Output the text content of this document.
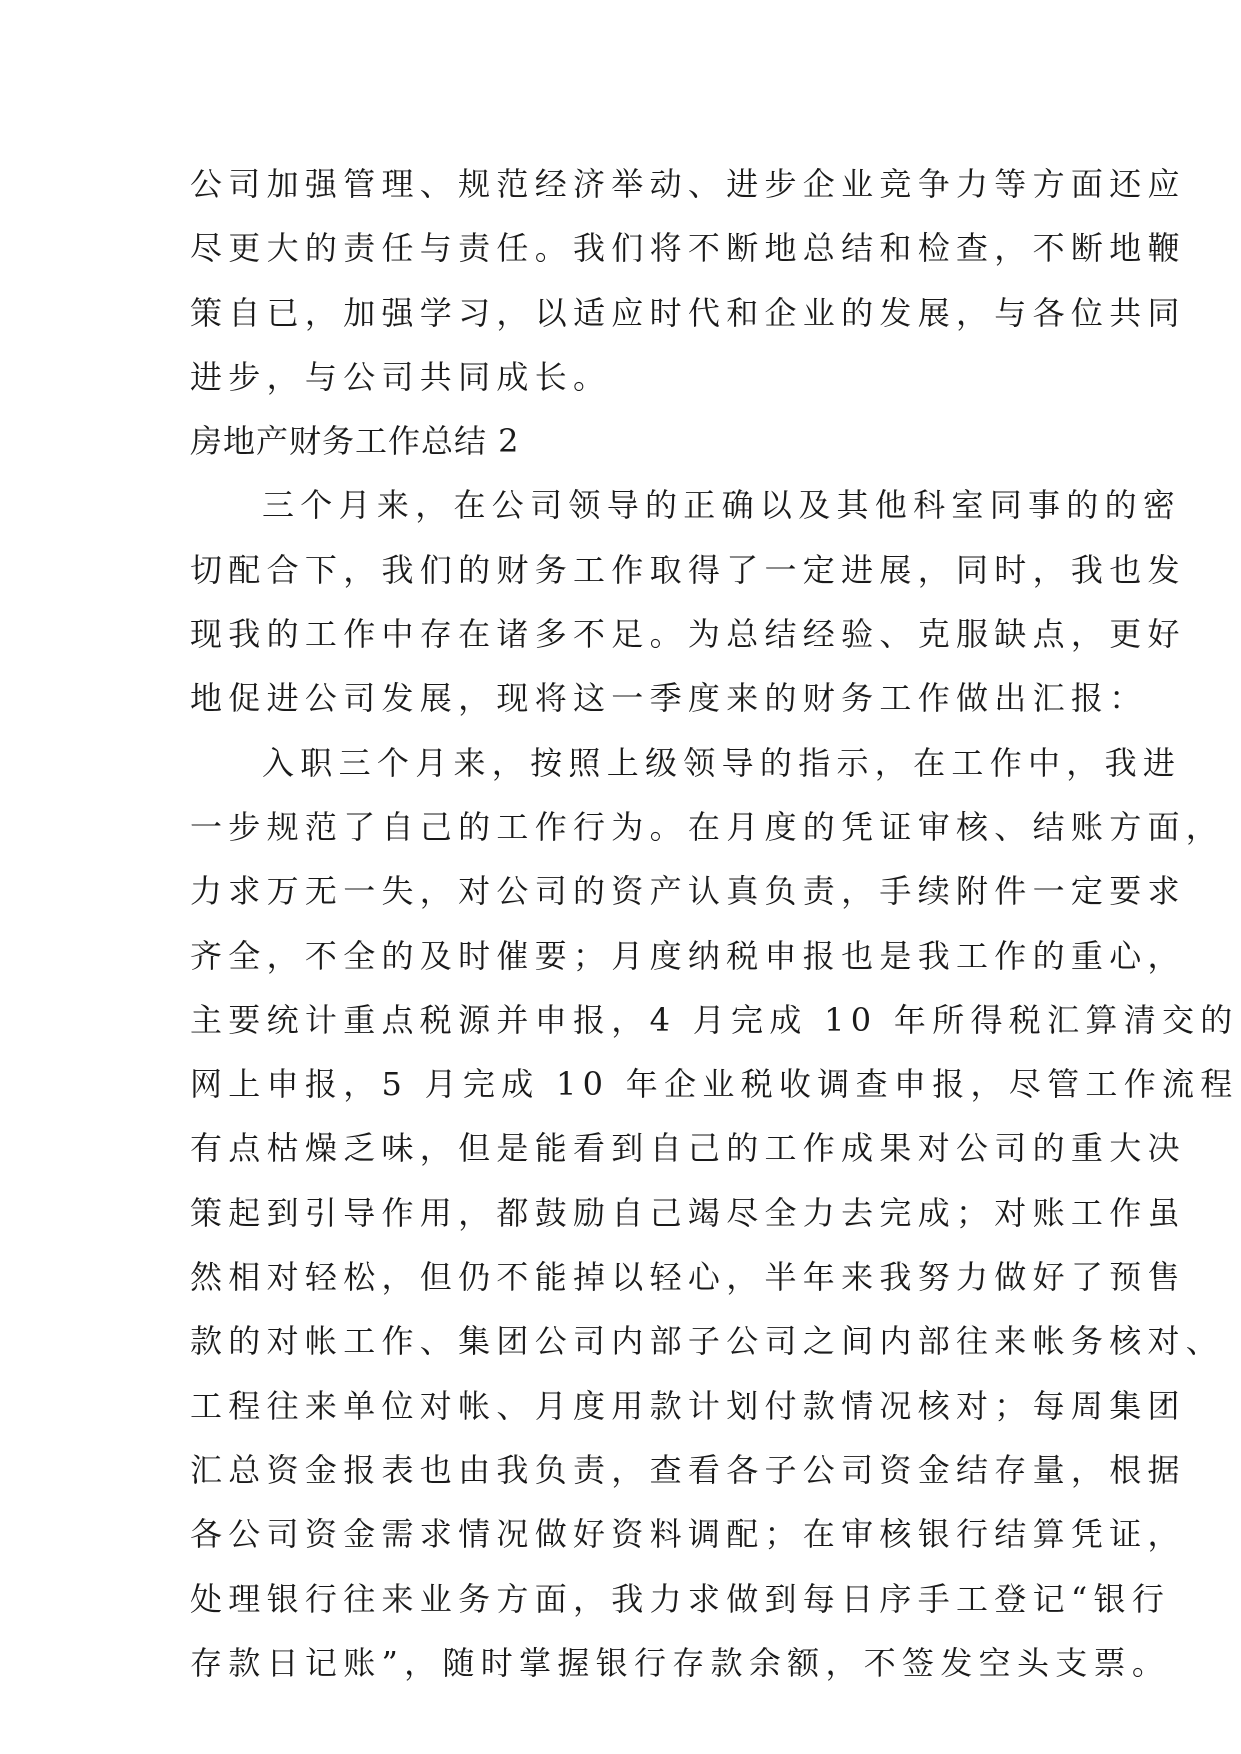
公司加强管理、规范经济举动、进步企业竞争力等方面还应
尽更大的责任与责任。我们将不断地总结和检查，不断地鞭
策自已，加强学习，以适应时代和企业的发展，与各位共同
进步，与公司共同成长。
房地产财务工作总结 2
三个月来，在公司领导的正确以及其他科室同事的的密
切配合下，我们的财务工作取得了一定进展，同时，我也发
现我的工作中存在诸多不足。为总结经验、克服缺点，更好
地促进公司发展，现将这一季度来的财务工作做出汇报：
入职三个月来，按照上级领导的指示，在工作中，我进
一步规范了自己的工作行为。在月度的凭证审核、结账方面，
力求万无一失，对公司的资产认真负责，手续附件一定要求
齐全，不全的及时催要；月度纳税申报也是我工作的重心，
主要统计重点税源并申报，4 月完成 10 年所得税汇算清交的
网上申报，5 月完成 10 年企业税收调查申报，尽管工作流程
有点枯燥乏味，但是能看到自己的工作成果对公司的重大决
策起到引导作用，都鼓励自己竭尽全力去完成；对账工作虽
然相对轻松，但仍不能掉以轻心，半年来我努力做好了预售
款的对帐工作、集团公司内部子公司之间内部往来帐务核对、
工程往来单位对帐、月度用款计划付款情况核对；每周集团
汇总资金报表也由我负责，查看各子公司资金结存量，根据
各公司资金需求情况做好资料调配；在审核银行结算凭证，
处理银行往来业务方面，我力求做到每日序手工登记“银行
存款日记账”，随时掌握银行存款余额，不签发空头支票。
